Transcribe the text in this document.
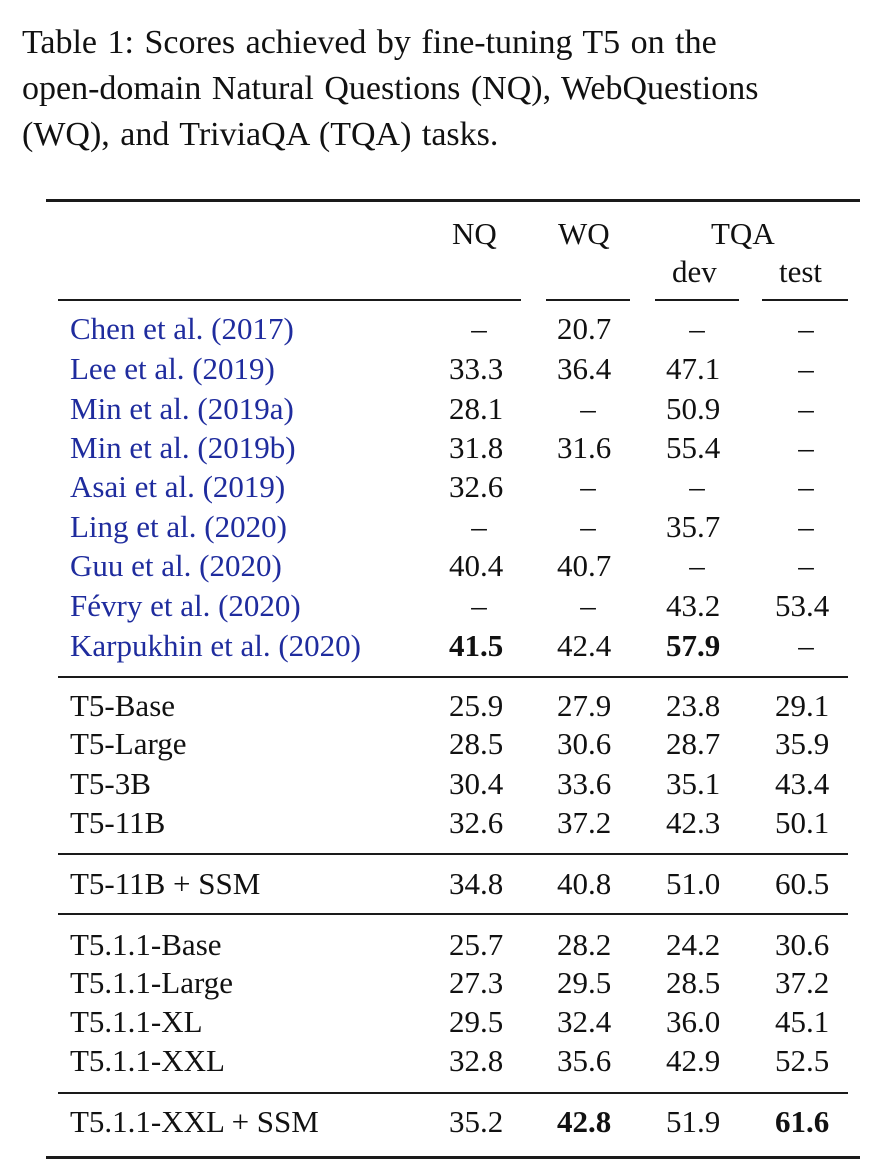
Table 1: Scores achieved by fine-tuning T5 on the
open-domain Natural Questions (NQ), WebQuestions
(WQ), and TriviaQA (TQA) tasks.
NQ WQ	TQA
dev test
Chen et al. (2017)	–	20.7	–	–
Lee et al. (2019)	33.3 36.4 47.1	–
Min et al. (2019a)	28.1	–	50.9	–
Min et al. (2019b)	31.8 31.6 55.4	–
Asai et al. (2019)	32.6	–	–	–
Ling et al. (2020)	–	–	35.7	–
Guu et al. (2020)	40.4 40.7	–	–
Févry et al. (2020)	–	–	43.2 53.4
Karpukhin et al. (2020)	41.5 42.4 57.9	–
T5-Base	25.9 27.9 23.8 29.1
T5-Large	28.5 30.6 28.7 35.9
T5-3B	30.4 33.6 35.1 43.4
T5-11B	32.6 37.2 42.3 50.1
T5-11B + SSM	34.8 40.8 51.0 60.5
T5.1.1-Base	25.7 28.2 24.2 30.6
T5.1.1-Large	27.3 29.5 28.5 37.2
T5.1.1-XL	29.5 32.4 36.0 45.1
T5.1.1-XXL	32.8 35.6 42.9 52.5
T5.1.1-XXL + SSM	35.2 42.8 51.9 61.6
